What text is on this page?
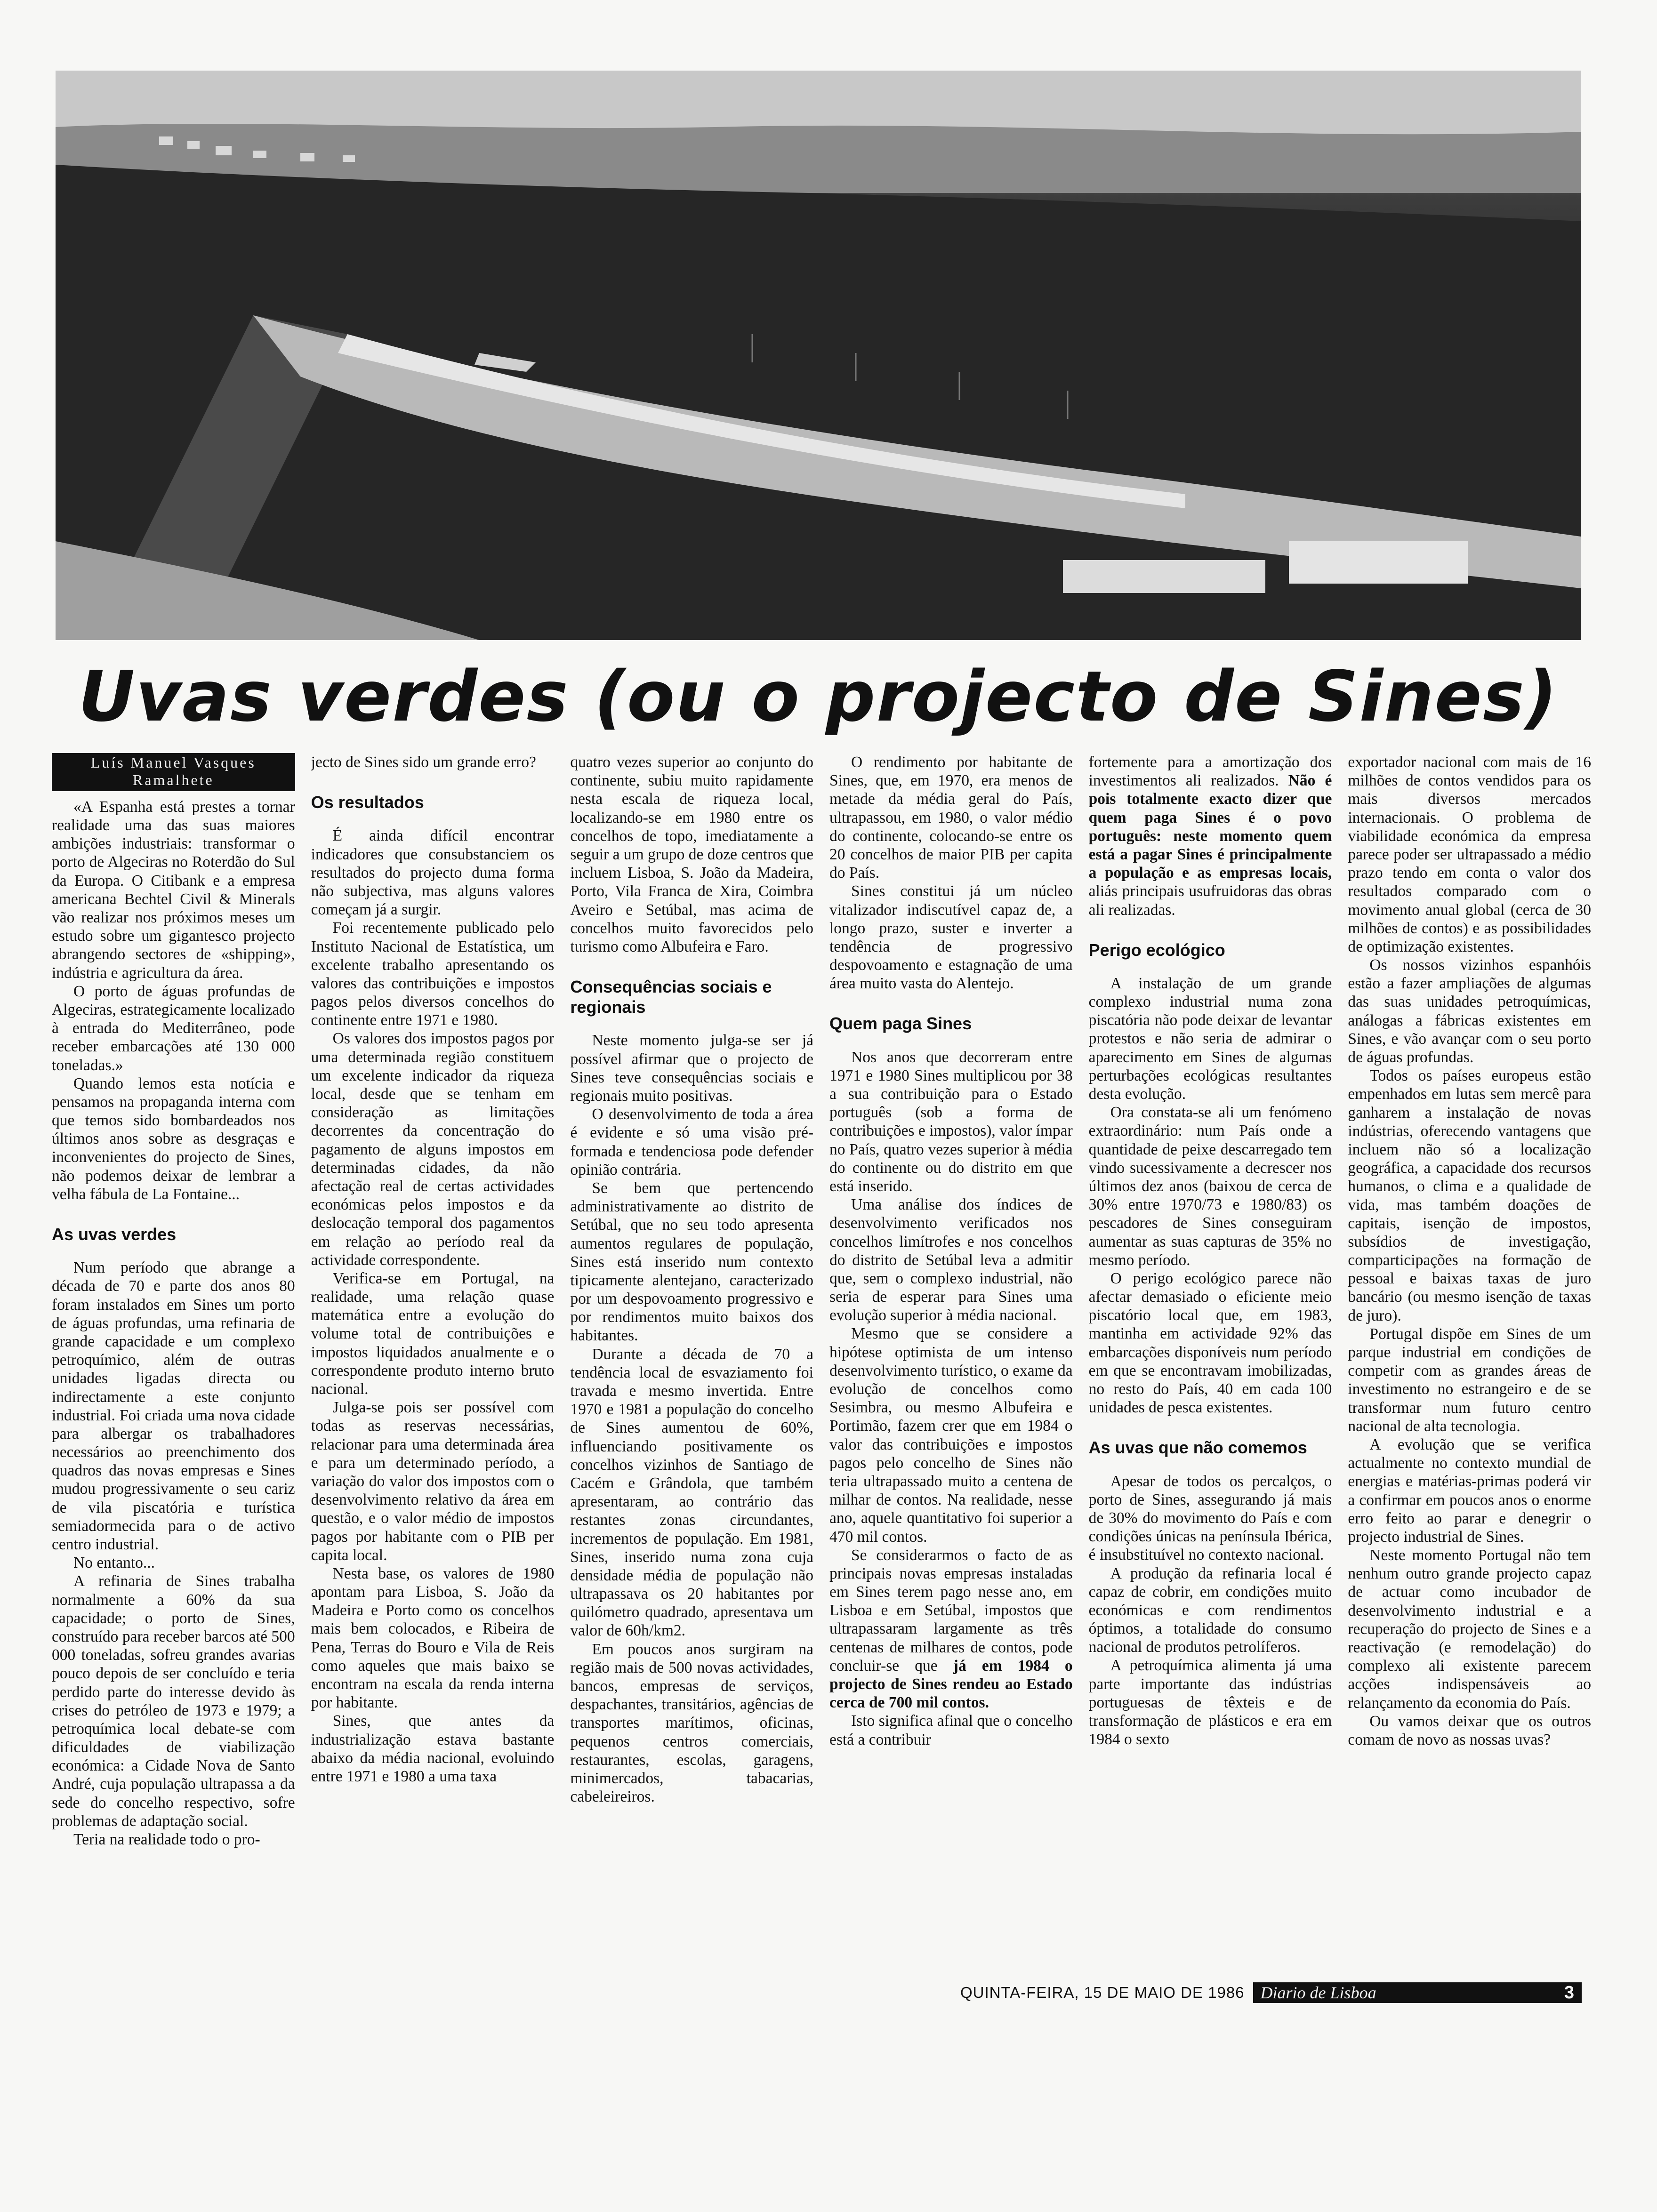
Uvas verdes (ou o projecto de Sines)
Luís Manuel Vasques Ramalhete

«A Espanha está prestes a tornar realidade uma das suas maiores ambições industriais: transformar o porto de Algeciras no Roterdão do Sul da Europa. O Citibank e a empresa americana Bechtel Civil & Minerals vão realizar nos próximos meses um estudo sobre um gigantesco projecto abrangendo sectores de «shipping», indústria e agricultura da área.

O porto de águas profundas de Algeciras, estrategicamente localizado à entrada do Mediterrâneo, pode receber embarcações até 130 000 toneladas.»

Quando lemos esta notícia e pensamos na propaganda interna com que temos sido bombardeados nos últimos anos sobre as desgraças e inconvenientes do projecto de Sines, não podemos deixar de lembrar a velha fábula de La Fontaine...

As uvas verdes

Num período que abrange a década de 70 e parte dos anos 80 foram instalados em Sines um porto de águas profundas, uma refinaria de grande capacidade e um complexo petroquímico, além de outras unidades ligadas directa ou indirectamente a este conjunto industrial. Foi criada uma nova cidade para albergar os trabalhadores necessários ao preenchimento dos quadros das novas empresas e Sines mudou progressivamente o seu cariz de vila piscatória e turística semiadormecida para o de activo centro industrial.

No entanto...

A refinaria de Sines trabalha normalmente a 60% da sua capacidade; o porto de Sines, construído para receber barcos até 500 000 toneladas, sofreu grandes avarias pouco depois de ser concluído e teria perdido parte do interesse devido às crises do petróleo de 1973 e 1979; a petroquímica local debate-se com dificuldades de viabilização económica: a Cidade Nova de Santo André, cuja população ultrapassa a da sede do concelho respectivo, sofre problemas de adaptação social.

Teria na realidade todo o pro-

jecto de Sines sido um grande erro?

Os resultados

É ainda difícil encontrar indicadores que consubstanciem os resultados do projecto duma forma não subjectiva, mas alguns valores começam já a surgir.

Foi recentemente publicado pelo Instituto Nacional de Estatística, um excelente trabalho apresentando os valores das contribuições e impostos pagos pelos diversos concelhos do continente entre 1971 e 1980.

Os valores dos impostos pagos por uma determinada região constituem um excelente indicador da riqueza local, desde que se tenham em consideração as limitações decorrentes da concentração do pagamento de alguns impostos em determinadas cidades, da não afectação real de certas actividades económicas pelos impostos e da deslocação temporal dos pagamentos em relação ao período real da actividade correspondente.

Verifica-se em Portugal, na realidade, uma relação quase matemática entre a evolução do volume total de contribuições e impostos liquidados anualmente e o correspondente produto interno bruto nacional.

Julga-se pois ser possível com todas as reservas necessárias, relacionar para uma determinada área e para um determinado período, a variação do valor dos impostos com o desenvolvimento relativo da área em questão, e o valor médio de impostos pagos por habitante com o PIB per capita local.

Nesta base, os valores de 1980 apontam para Lisboa, S. João da Madeira e Porto como os concelhos mais bem colocados, e Ribeira de Pena, Terras do Bouro e Vila de Reis como aqueles que mais baixo se encontram na escala da renda interna por habitante.

Sines, que antes da industrialização estava bastante abaixo da média nacional, evoluindo entre 1971 e 1980 a uma taxa

quatro vezes superior ao conjunto do continente, subiu muito rapidamente nesta escala de riqueza local, localizando-se em 1980 entre os concelhos de topo, imediatamente a seguir a um grupo de doze centros que incluem Lisboa, S. João da Madeira, Porto, Vila Franca de Xira, Coimbra Aveiro e Setúbal, mas acima de concelhos muito favorecidos pelo turismo como Albufeira e Faro.

Consequências sociais e regionais

Neste momento julga-se ser já possível afirmar que o projecto de Sines teve consequências sociais e regionais muito positivas.

O desenvolvimento de toda a área é evidente e só uma visão pré-formada e tendenciosa pode defender opinião contrária.

Se bem que pertencendo administrativamente ao distrito de Setúbal, que no seu todo apresenta aumentos regulares de população, Sines está inserido num contexto tipicamente alentejano, caracterizado por um despovoamento progressivo e por rendimentos muito baixos dos habitantes.

Durante a década de 70 a tendência local de esvaziamento foi travada e mesmo invertida. Entre 1970 e 1981 a população do concelho de Sines aumentou de 60%, influenciando positivamente os concelhos vizinhos de Santiago de Cacém e Grândola, que também apresentaram, ao contrário das restantes zonas circundantes, incrementos de população. Em 1981, Sines, inserido numa zona cuja densidade média de população não ultrapassava os 20 habitantes por quilómetro quadrado, apresentava um valor de 60h/km2.

Em poucos anos surgiram na região mais de 500 novas actividades, bancos, empresas de serviços, despachantes, transitários, agências de transportes marítimos, oficinas, pequenos centros comerciais, restaurantes, escolas, garagens, minimercados, tabacarias, cabeleireiros.

O rendimento por habitante de Sines, que, em 1970, era menos de metade da média geral do País, ultrapassou, em 1980, o valor médio do continente, colocando-se entre os 20 concelhos de maior PIB per capita do País.

Sines constitui já um núcleo vitalizador indiscutível capaz de, a longo prazo, suster e inverter a tendência de progressivo despovoamento e estagnação de uma área muito vasta do Alentejo.

Quem paga Sines

Nos anos que decorreram entre 1971 e 1980 Sines multiplicou por 38 a sua contribuição para o Estado português (sob a forma de contribuições e impostos), valor ímpar no País, quatro vezes superior à média do continente ou do distrito em que está inserido.

Uma análise dos índices de desenvolvimento verificados nos concelhos limítrofes e nos concelhos do distrito de Setúbal leva a admitir que, sem o complexo industrial, não seria de esperar para Sines uma evolução superior à média nacional.

Mesmo que se considere a hipótese optimista de um intenso desenvolvimento turístico, o exame da evolução de concelhos como Sesimbra, ou mesmo Albufeira e Portimão, fazem crer que em 1984 o valor das contribuições e impostos pagos pelo concelho de Sines não teria ultrapassado muito a centena de milhar de contos. Na realidade, nesse ano, aquele quantitativo foi superior a 470 mil contos.

Se considerarmos o facto de as principais novas empresas instaladas em Sines terem pago nesse ano, em Lisboa e em Setúbal, impostos que ultrapassaram largamente as três centenas de milhares de contos, pode concluir-se que já em 1984 o projecto de Sines rendeu ao Estado cerca de 700 mil contos.

Isto significa afinal que o concelho está a contribuir

fortemente para a amortização dos investimentos ali realizados. Não é pois totalmente exacto dizer que quem paga Sines é o povo português: neste momento quem está a pagar Sines é principalmente a população e as empresas locais, aliás principais usufruidoras das obras ali realizadas.

Perigo ecológico

A instalação de um grande complexo industrial numa zona piscatória não pode deixar de levantar protestos e não seria de admirar o aparecimento em Sines de algumas perturbações ecológicas resultantes desta evolução.

Ora constata-se ali um fenómeno extraordinário: num País onde a quantidade de peixe descarregado tem vindo sucessivamente a decrescer nos últimos dez anos (baixou de cerca de 30% entre 1970/73 e 1980/83) os pescadores de Sines conseguiram aumentar as suas capturas de 35% no mesmo período.

O perigo ecológico parece não afectar demasiado o eficiente meio piscatório local que, em 1983, mantinha em actividade 92% das embarcações disponíveis num período em que se encontravam imobilizadas, no resto do País, 40 em cada 100 unidades de pesca existentes.

As uvas que não comemos

Apesar de todos os percalços, o porto de Sines, assegurando já mais de 30% do movimento do País e com condições únicas na península Ibérica, é insubstituível no contexto nacional.

A produção da refinaria local é capaz de cobrir, em condições muito económicas e com rendimentos óptimos, a totalidade do consumo nacional de produtos petrolíferos.

A petroquímica alimenta já uma parte importante das indústrias portuguesas de têxteis e de transformação de plásticos e era em 1984 o sexto

exportador nacional com mais de 16 milhões de contos vendidos para os mais diversos mercados internacionais. O problema de viabilidade económica da empresa parece poder ser ultrapassado a médio prazo tendo em conta o valor dos resultados comparado com o movimento anual global (cerca de 30 milhões de contos) e as possibilidades de optimização existentes.

Os nossos vizinhos espanhóis estão a fazer ampliações de algumas das suas unidades petroquímicas, análogas a fábricas existentes em Sines, e vão avançar com o seu porto de águas profundas.

Todos os países europeus estão empenhados em lutas sem mercê para ganharem a instalação de novas indústrias, oferecendo vantagens que incluem não só a localização geográfica, a capacidade dos recursos humanos, o clima e a qualidade de vida, mas também doações de capitais, isenção de impostos, subsídios de investigação, comparticipações na formação de pessoal e baixas taxas de juro bancário (ou mesmo isenção de taxas de juro).

Portugal dispõe em Sines de um parque industrial em condições de competir com as grandes áreas de investimento no estrangeiro e de se transformar num futuro centro nacional de alta tecnologia.

A evolução que se verifica actualmente no contexto mundial de energias e matérias-primas poderá vir a confirmar em poucos anos o enorme erro feito ao parar e denegrir o projecto industrial de Sines.

Neste momento Portugal não tem nenhum outro grande projecto capaz de actuar como incubador de desenvolvimento industrial e a recuperação do projecto de Sines e a reactivação (e remodelação) do complexo ali existente parecem acções indispensáveis ao relançamento da economia do País.

Ou vamos deixar que os outros comam de novo as nossas uvas?

QUINTA-FEIRA, 15 DE MAIO DE 1986 Diario de Lisboa	3
